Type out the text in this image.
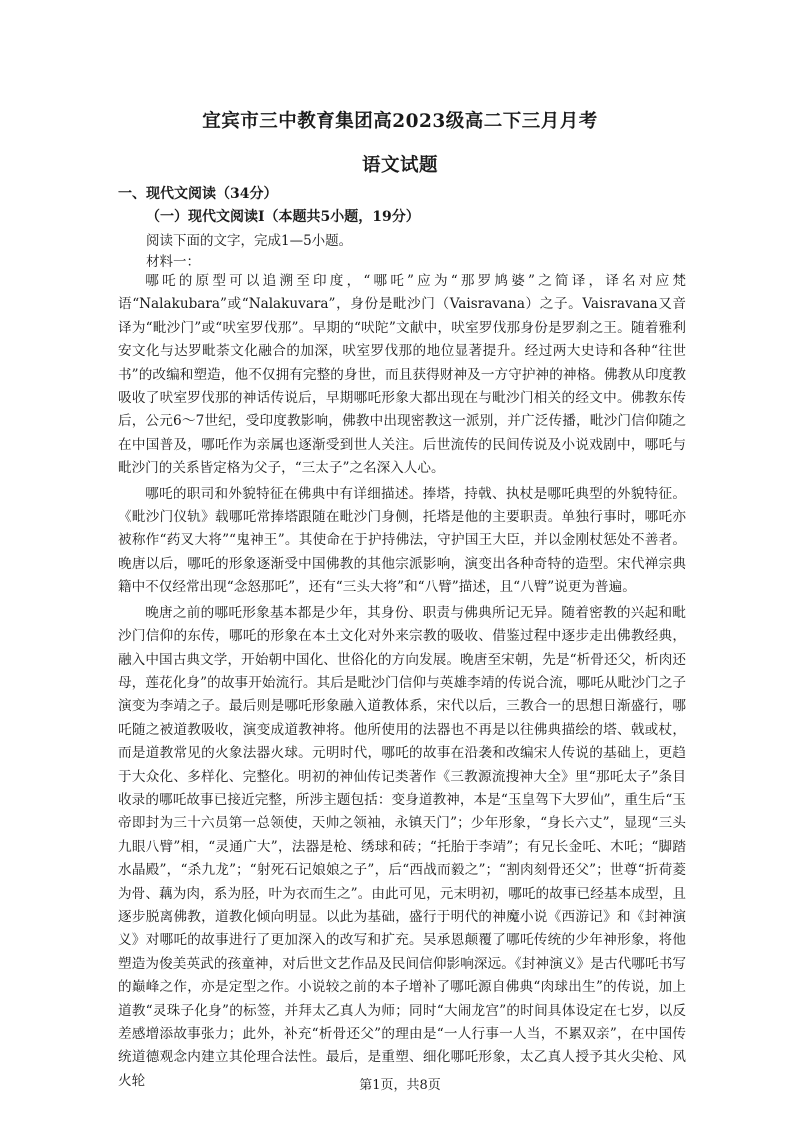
宜宾市三中教育集团高2023级高二下三月月考
语文试题
一、现代文阅读（34分）
（一）现代文阅读Ⅰ（本题共5小题，19分）
阅读下面的文字，完成1—5小题。
材料一：

哪吒的原型可以追溯至印度，“哪吒”应为“那罗鸠婆”之简译，译名对应梵语“Nalakubara”或“Nalakuvara”，身份是毗沙门（Vaisravana）之子。Vaisravana又音译为“毗沙门”或“吠室罗伐那”。早期的“吠陀”文献中，吠室罗伐那身份是罗刹之王。随着雅利安文化与达罗毗荼文化融合的加深，吠室罗伐那的地位显著提升。经过两大史诗和各种“往世书”的改编和塑造，他不仅拥有完整的身世，而且获得财神及一方守护神的神格。佛教从印度教吸收了吠室罗伐那的神话传说后，早期哪吒形象大都出现在与毗沙门相关的经文中。佛教东传后，公元6～7世纪，受印度教影响，佛教中出现密教这一派别，并广泛传播，毗沙门信仰随之在中国普及，哪吒作为亲属也逐渐受到世人关注。后世流传的民间传说及小说戏剧中，哪吒与毗沙门的关系皆定格为父子，“三太子”之名深入人心。

哪吒的职司和外貌特征在佛典中有详细描述。捧塔，持戟、执杖是哪吒典型的外貌特征。《毗沙门仪轨》载哪吒常捧塔跟随在毗沙门身侧，托塔是他的主要职责。单独行事时，哪吒亦被称作“药叉大将”“鬼神王”。其使命在于护持佛法，守护国王大臣，并以金刚杖惩处不善者。晚唐以后，哪吒的形象逐渐受中国佛教的其他宗派影响，演变出各种奇特的造型。宋代禅宗典籍中不仅经常出现“念怒那吒”，还有“三头大将”和“八臂”描述，且“八臂”说更为普遍。

晚唐之前的哪吒形象基本都是少年，其身份、职责与佛典所记无异。随着密教的兴起和毗沙门信仰的东传，哪吒的形象在本土文化对外来宗教的吸收、借鉴过程中逐步走出佛教经典，融入中国古典文学，开始朝中国化、世俗化的方向发展。晚唐至宋朝，先是“析骨还父，析肉还母，莲花化身”的故事开始流行。其后是毗沙门信仰与英雄李靖的传说合流，哪吒从毗沙门之子演变为李靖之子。最后则是哪吒形象融入道教体系，宋代以后，三教合一的思想日渐盛行，哪吒随之被道教吸收，演变成道教神将。他所使用的法器也不再是以往佛典描绘的塔、戟或杖，而是道教常见的火象法器火球。元明时代，哪吒的故事在沿袭和改编宋人传说的基础上，更趋于大众化、多样化、完整化。明初的神仙传记类著作《三教源流搜神大全》里“那吒太子”条目收录的哪吒故事已接近完整，所涉主题包括：变身道教神，本是“玉皇驾下大罗仙”，重生后“玉帝即封为三十六员第一总领使，天帅之领袖，永镇天门”；少年形象，“身长六丈”，显现“三头九眼八臂”相，“灵通广大”，法器是枪、绣球和砖；“托胎于李靖”；有兄长金吒、木吒；“脚踏水晶殿”，“杀九龙”；“射死石记娘娘之子”，后“西战而毅之”；“割肉刻骨还父”；世尊“折荷菱为骨、藕为肉，系为胫，叶为衣而生之”。由此可见，元末明初，哪吒的故事已经基本成型，且逐步脱离佛教，道教化倾向明显。以此为基础，盛行于明代的神魔小说《西游记》和《封神演义》对哪吒的故事进行了更加深入的改写和扩充。吴承恩颠覆了哪吒传统的少年神形象，将他塑造为俊美英武的孩童神，对后世文艺作品及民间信仰影响深远。《封神演义》是古代哪吒书写的巅峰之作，亦是定型之作。小说较之前的本子增补了哪吒源自佛典“肉球出生”的传说，加上道教“灵珠子化身”的标签，并拜太乙真人为师；同时“大闹龙宫”的时间具体设定在七岁，以反差感增添故事张力；此外，补充“析骨还父”的理由是“一人行事一人当，不累双亲”，在中国传统道德观念内建立其伦理合法性。最后，是重塑、细化哪吒形象，太乙真人授予其火尖枪、风火轮	第1页，共8页
